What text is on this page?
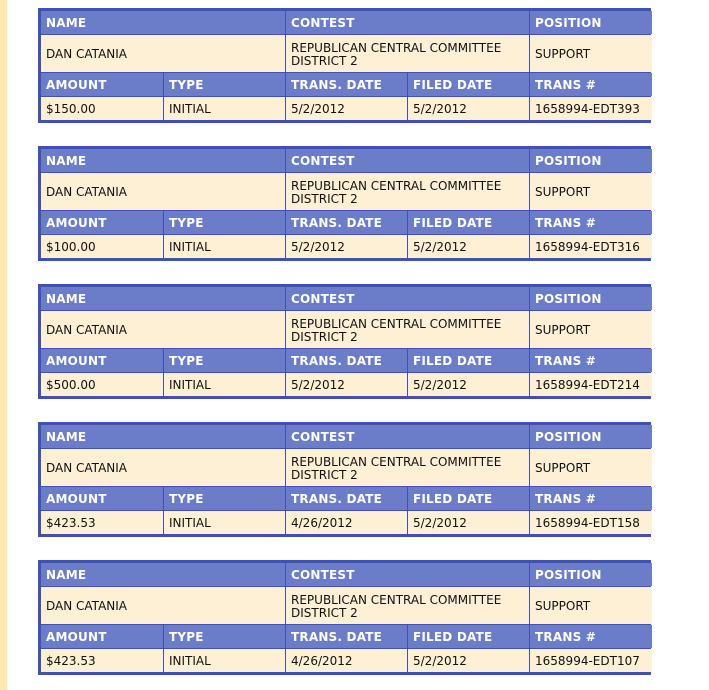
NAME		CONTEST		POSITION
DAN CATANIA		REPUBLICAN CENTRAL COMMITTEE DISTRICT 2		SUPPORT
AMOUNT	TYPE	TRANS. DATE	FILED DATE	TRANS #
$150.00	INITIAL	5/2/2012	5/2/2012	1658994-EDT393
NAME		CONTEST		POSITION
DAN CATANIA		REPUBLICAN CENTRAL COMMITTEE DISTRICT 2		SUPPORT
AMOUNT	TYPE	TRANS. DATE	FILED DATE	TRANS #
$100.00	INITIAL	5/2/2012	5/2/2012	1658994-EDT316
NAME		CONTEST		POSITION
DAN CATANIA		REPUBLICAN CENTRAL COMMITTEE DISTRICT 2		SUPPORT
AMOUNT	TYPE	TRANS. DATE	FILED DATE	TRANS #
$500.00	INITIAL	5/2/2012	5/2/2012	1658994-EDT214
NAME		CONTEST		POSITION
DAN CATANIA		REPUBLICAN CENTRAL COMMITTEE DISTRICT 2		SUPPORT
AMOUNT	TYPE	TRANS. DATE	FILED DATE	TRANS #
$423.53	INITIAL	4/26/2012	5/2/2012	1658994-EDT158
NAME		CONTEST		POSITION
DAN CATANIA		REPUBLICAN CENTRAL COMMITTEE DISTRICT 2		SUPPORT
AMOUNT	TYPE	TRANS. DATE	FILED DATE	TRANS #
$423.53	INITIAL	4/26/2012	5/2/2012	1658994-EDT107
